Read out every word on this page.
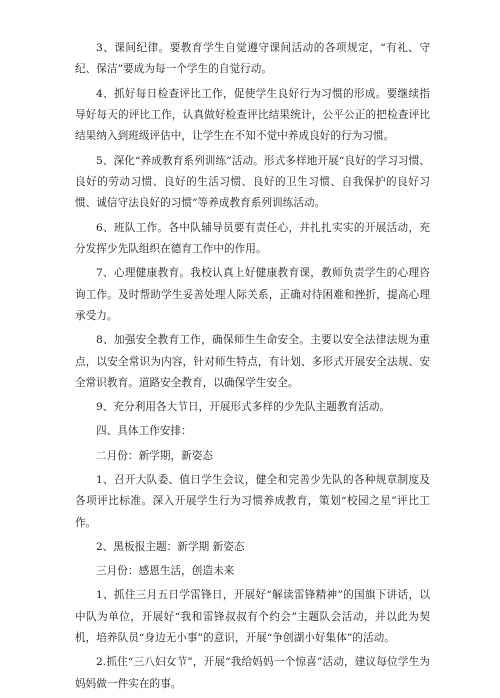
3、课间纪律。要教育学生自觉遵守课间活动的各项规定，“有礼、守纪、保洁”要成为每一个学生的自觉行动。

4、抓好每日检查评比工作，促使学生良好行为习惯的形成。要继续指导好每天的评比工作，认真做好检查评比结果统计，公平公正的把检查评比结果纳入到班级评估中，让学生在不知不觉中养成良好的行为习惯。

5、深化“养成教育系列训练”活动。形式多样地开展“良好的学习习惯、良好的劳动习惯、良好的生活习惯、良好的卫生习惯、自我保护的良好习惯、诚信守法良好的习惯”等养成教育系列训练活动。

6、班队工作。各中队辅导员要有责任心，并扎扎实实的开展活动，充分发挥少先队组织在德育工作中的作用。

7、心理健康教育。我校认真上好健康教育课，教师负责学生的心理咨询工作。及时帮助学生妥善处理人际关系，正确对待困难和挫折，提高心理承受力。

8、加强安全教育工作，确保师生生命安全。主要以安全法律法规为重点，以安全常识为内容，针对师生特点，有计划、多形式开展安全法规、安全常识教育。道路安全教育，以确保学生安全。

9、充分利用各大节日，开展形式多样的少先队主题教育活动。

四、具体工作安排：

二月份：新学期，新姿态

1、召开大队委、值日学生会议，健全和完善少先队的各种规章制度及各项评比标准。深入开展学生行为习惯养成教育，策划“校园之星”评比工作。

2、黑板报主题：新学期 新姿态

三月份：感恩生活，创造未来

1、抓住三月五日学雷锋日，开展好“解读雷锋精神”的国旗下讲话，以中队为单位，开展好“我和雷锋叔叔有个约会”主题队会活动，并以此为契机，培养队员“身边无小事”的意识，开展“争创湖小好集体”的活动。

2.抓住“三八妇女节”，开展“我给妈妈一个惊喜”活动，建议每位学生为妈妈做一件实在的事。
